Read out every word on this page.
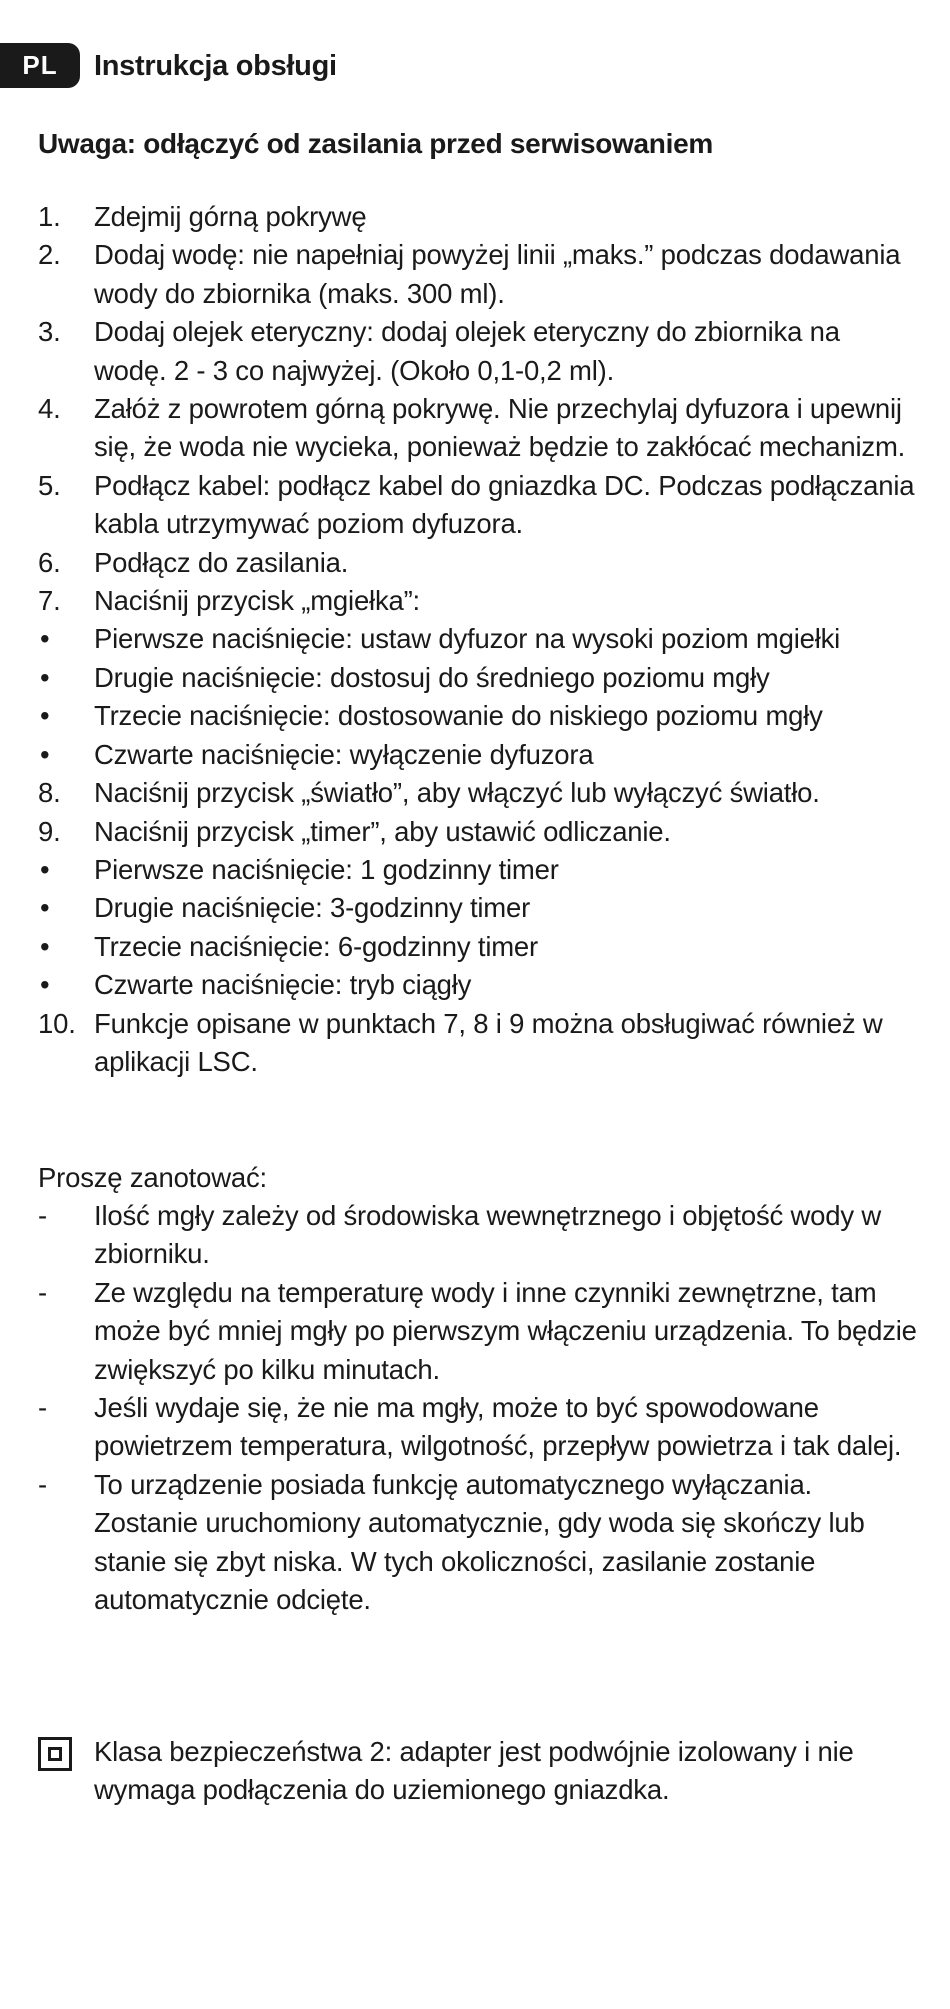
PL	Instrukcja obsługi
Uwaga: odłączyć od zasilania przed serwisowaniem
1.	Zdejmij górną pokrywę
2.	Dodaj wodę: nie napełniaj powyżej linii „maks.” podczas dodawania wody do zbiornika (maks. 300 ml).
3.	Dodaj olejek eteryczny: dodaj olejek eteryczny do zbiornika na wodę. 2 - 3 co najwyżej. (Około 0,1-0,2 ml).
4.	Załóż z powrotem górną pokrywę. Nie przechylaj dyfuzora i upewnij się, że woda nie wycieka, ponieważ będzie to zakłócać mechanizm.
5.	Podłącz kabel: podłącz kabel do gniazdka DC. Podczas podłączania kabla utrzymywać poziom dyfuzora.
6.	Podłącz do zasilania.
7.	Naciśnij przycisk „mgiełka”:
•	Pierwsze naciśnięcie: ustaw dyfuzor na wysoki poziom mgiełki
•	Drugie naciśnięcie: dostosuj do średniego poziomu mgły
•	Trzecie naciśnięcie: dostosowanie do niskiego poziomu mgły
•	Czwarte naciśnięcie: wyłączenie dyfuzora
8.	Naciśnij przycisk „światło”, aby włączyć lub wyłączyć światło.
9.	Naciśnij przycisk „timer”, aby ustawić odliczanie.
•	Pierwsze naciśnięcie: 1 godzinny timer
•	Drugie naciśnięcie: 3-godzinny timer
•	Trzecie naciśnięcie: 6-godzinny timer
•	Czwarte naciśnięcie: tryb ciągły
10. Funkcje opisane w punktach 7, 8 i 9 można obsługiwać również w aplikacji LSC.

Proszę zanotować:

-	Ilość mgły zależy od środowiska wewnętrznego i objętość wody w zbiorniku.
-	Ze względu na temperaturę wody i inne czynniki zewnętrzne, tam może być mniej mgły po pierwszym włączeniu urządzenia. To będzie zwiększyć po kilku minutach.
-	Jeśli wydaje się, że nie ma mgły, może to być spowodowane powietrzem temperatura, wilgotność, przepływ powietrza i tak dalej.
-	To urządzenie posiada funkcję automatycznego wyłączania. Zostanie uruchomiony automatycznie, gdy woda się skończy lub stanie się zbyt niska. W tych okoliczności, zasilanie zostanie automatycznie odcięte.
Klasa bezpieczeństwa 2: adapter jest podwójnie izolowany i nie wymaga podłączenia do uziemionego gniazdka.
